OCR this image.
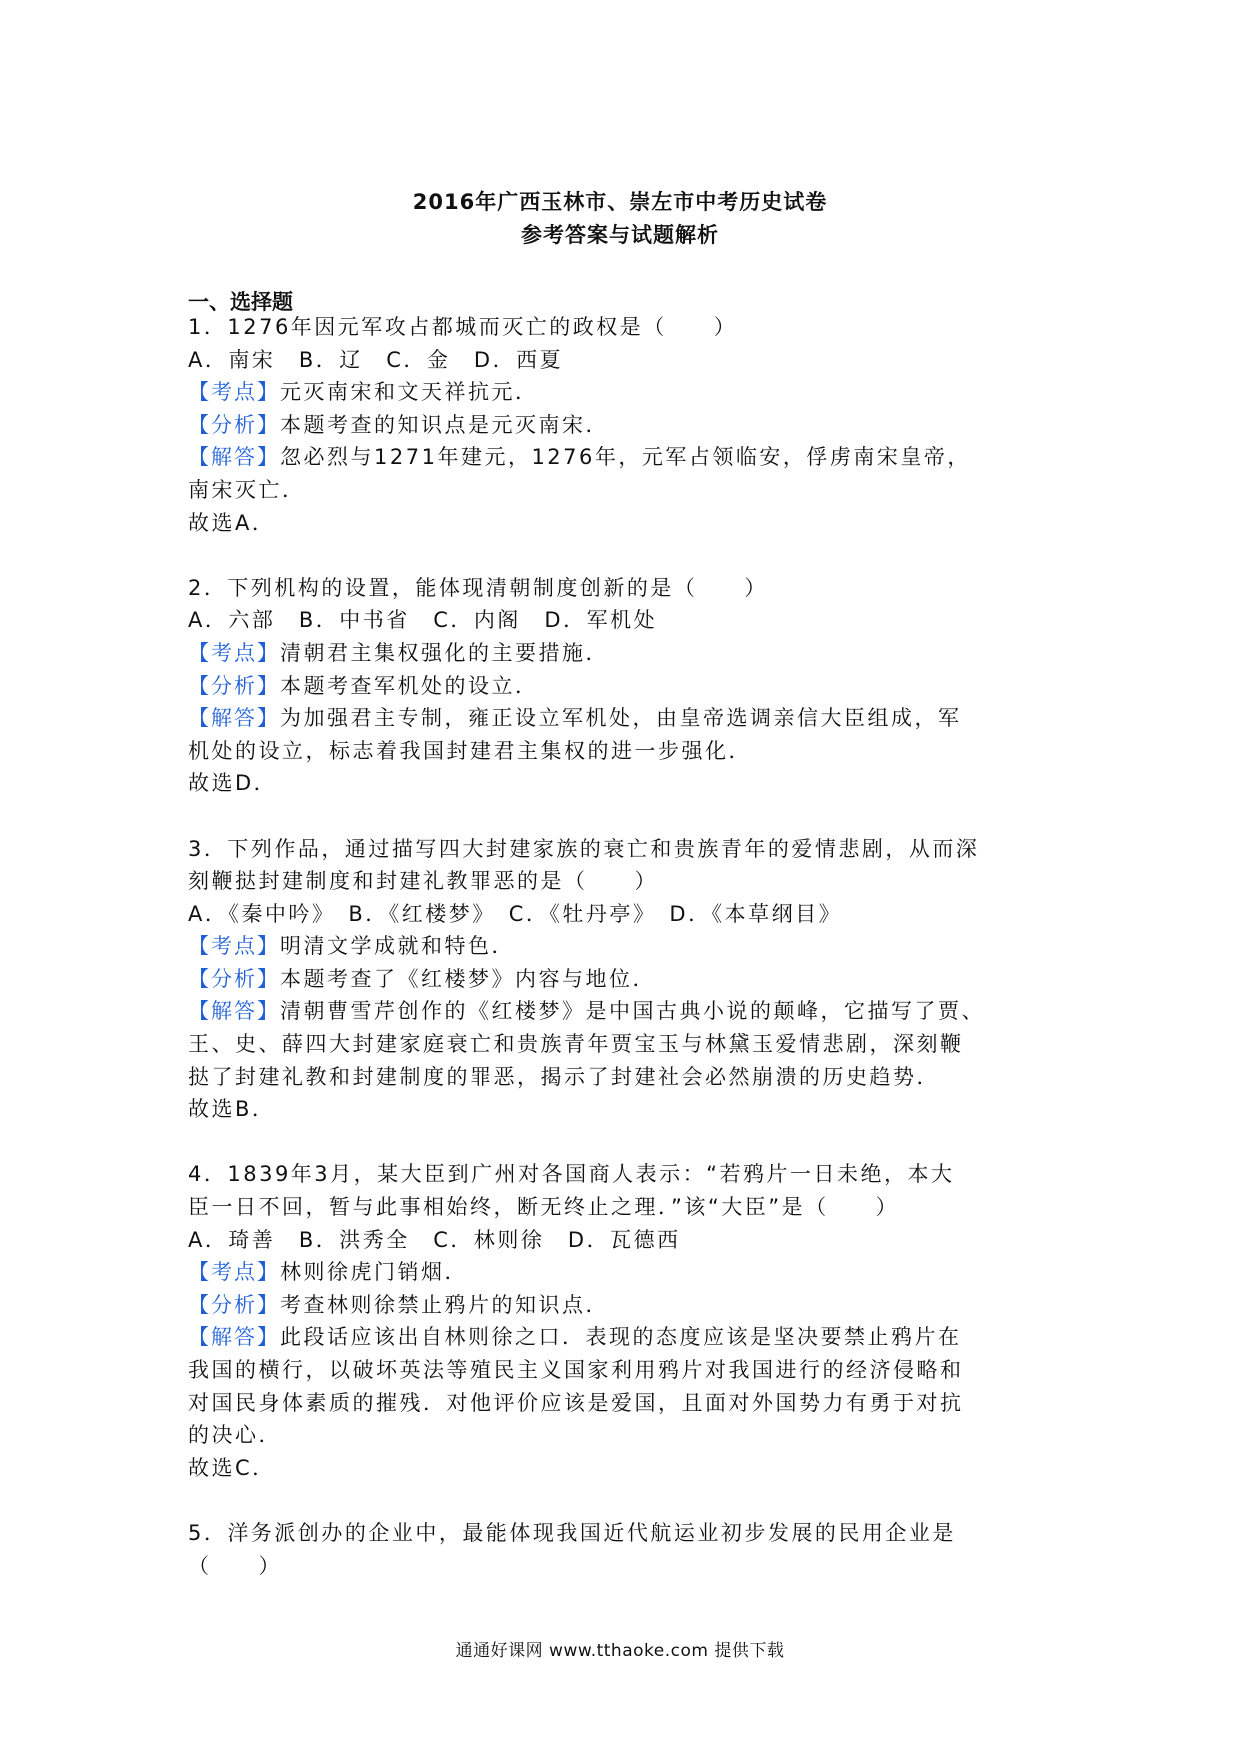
2016年广西玉林市、崇左市中考历史试卷
参考答案与试题解析
一、选择题
1．1276年因元军攻占都城而灭亡的政权是（　　）
A．南宋　B．辽　C．金　D．西夏
【考点】元灭南宋和文天祥抗元．
【分析】本题考查的知识点是元灭南宋．
【解答】忽必烈与1271年建元，1276年，元军占领临安，俘虏南宋皇帝，
南宋灭亡．
故选A．
2．下列机构的设置，能体现清朝制度创新的是（　　）
A．六部　B．中书省　C．内阁　D．军机处
【考点】清朝君主集权强化的主要措施．
【分析】本题考查军机处的设立．
【解答】为加强君主专制，雍正设立军机处，由皇帝选调亲信大臣组成，军
机处的设立，标志着我国封建君主集权的进一步强化．
故选D．
3．下列作品，通过描写四大封建家族的衰亡和贵族青年的爱情悲剧，从而深
刻鞭挞封建制度和封建礼教罪恶的是（　　）
A．《秦中吟》　B．《红楼梦》　C．《牡丹亭》　D．《本草纲目》
【考点】明清文学成就和特色．
【分析】本题考查了《红楼梦》内容与地位．
【解答】清朝曹雪芹创作的《红楼梦》是中国古典小说的颠峰，它描写了贾、
王、史、薛四大封建家庭衰亡和贵族青年贾宝玉与林黛玉爱情悲剧，深刻鞭
挞了封建礼教和封建制度的罪恶，揭示了封建社会必然崩溃的历史趋势．
故选B．
4．1839年3月，某大臣到广州对各国商人表示：“若鸦片一日未绝，本大
臣一日不回，暂与此事相始终，断无终止之理．”该“大臣”是（　　）
A．琦善　B．洪秀全　C．林则徐　D．瓦德西
【考点】林则徐虎门销烟．
【分析】考查林则徐禁止鸦片的知识点．
【解答】此段话应该出自林则徐之口．表现的态度应该是坚决要禁止鸦片在
我国的横行，以破坏英法等殖民主义国家利用鸦片对我国进行的经济侵略和
对国民身体素质的摧残．对他评价应该是爱国，且面对外国势力有勇于对抗
的决心．
故选C．
5．洋务派创办的企业中，最能体现我国近代航运业初步发展的民用企业是
（　　）
通通好课网 www.tthaoke.com 提供下载
